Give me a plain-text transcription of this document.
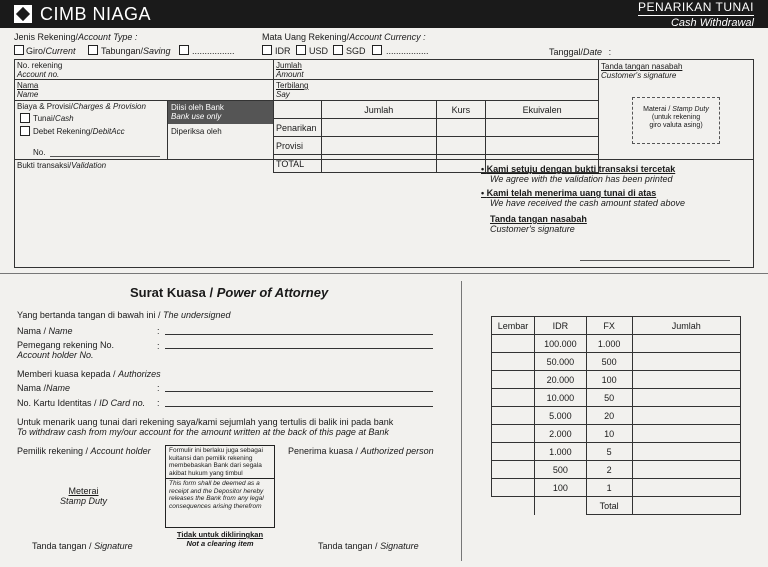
CIMB NIAGA	PENARIKAN TUNAI
Cash Withdrawal
Jenis Rekening/Account Type :
Giro/Current	Tabungan/Saving .................
Mata Uang Rekening/Account Currency :
IDR USD SGD .................	Tanggal/Date :
No. rekening
Account no.
Nama
Name
Jumlah
Amount
Terbilang
Say
Tanda tangan nasabah
Customer's signature
Materai / Stamp Duty
(untuk rekening
giro valuta asing)
Biaya & Provisi/Charges & Provision
Tunai/Cash
Debet Rekening/DebitAcc
No.
Diisi oleh Bank
Bank use only
Diperiksa oleh
	Jumlah	Kurs	Ekuivalen
Penarikan			
Provisi			
TOTAL			
Bukti transaksi/Validation	• Kami setuju dengan bukti transaksi tercetak
We agree with the validation has been printed
• Kami telah menerima uang tunai di atas
We have received the cash amount stated above
Tanda tangan nasabah
Customer's signature
Surat Kuasa / Power of Attorney
Yang bertanda tangan di bawah ini / The undersigned
Nama / Name	:
Pemegang rekening No.
Account holder No.
:
Memberi kuasa kepada / Authorizes
Nama /Name	:
No. Kartu Identitas / ID Card no. :
Untuk menarik uang tunai dari rekening saya/kami sejumlah yang tertulis di balik ini pada bank
To withdraw cash from my/our account for the amount written at the back of this page at Bank
Pemilik rekening / Account holder	Penerima kuasa / Authorized person
Meterai
Stamp Duty
Formulir ini berlaku juga sebagai kuitansi dan pemilik rekening membebaskan Bank dari segala akibat hukum yang timbul
This form shall be deemed as a receipt and the Depositor hereby releases the Bank from any legal consequences arising therefrom
Tidak untuk dikliringkan
Not a clearing item
Tanda tangan / Signature	Tanda tangan / Signature
Lembar	IDR	FX	Jumlah
	100.000	1.000	
	50.000	500	
	20.000	100	
	10.000	50	
	5.000	20	
	2.000	10	
	1.000	5	
	500	2	
	100	1	
		Total	
